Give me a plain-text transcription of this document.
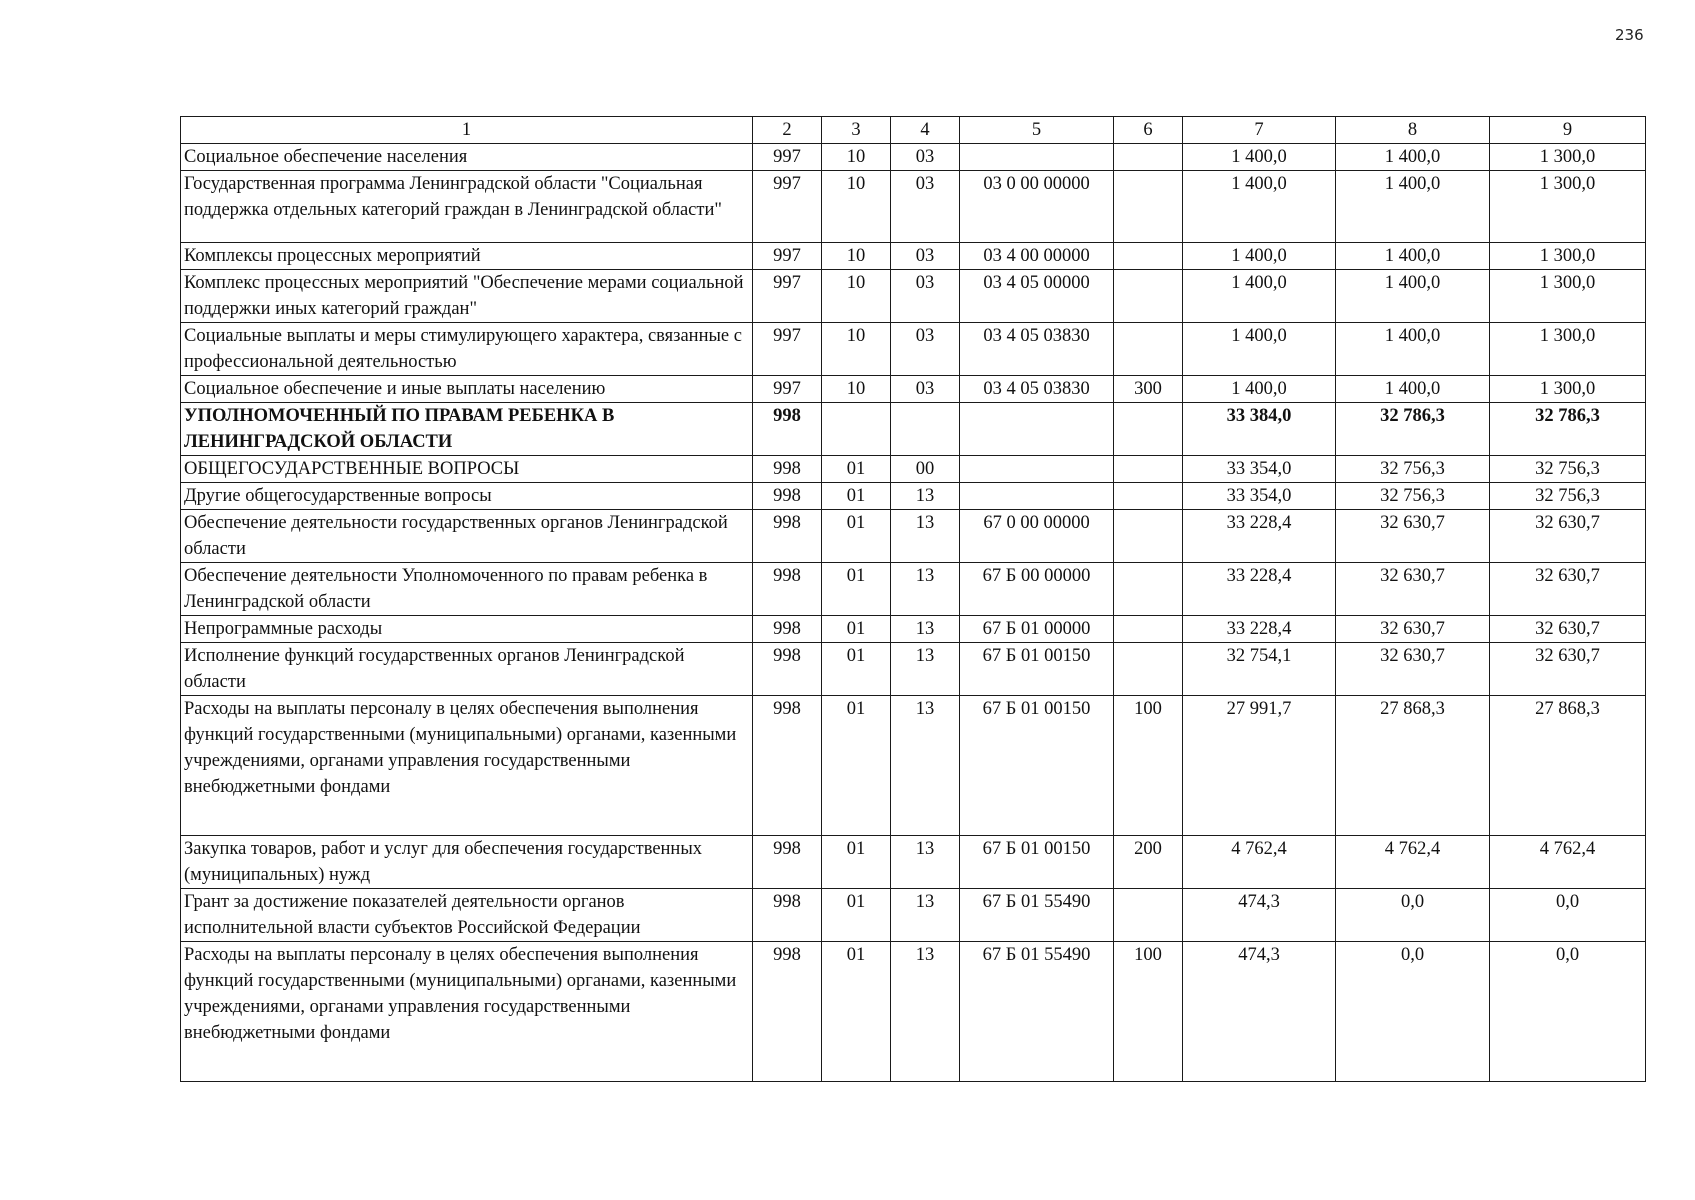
236
1	2	3	4	5	6	7	8	9
Социальное обеспечение населения	997	10	03			1 400,0	1 400,0	1 300,0
Государственная программа Ленинградской области "Социальная поддержка отдельных категорий граждан в Ленинградской области"	997	10	03	03 0 00 00000		1 400,0	1 400,0	1 300,0
Комплексы процессных мероприятий	997	10	03	03 4 00 00000		1 400,0	1 400,0	1 300,0
Комплекс процессных мероприятий "Обеспечение мерами социальной поддержки иных категорий граждан"	997	10	03	03 4 05 00000		1 400,0	1 400,0	1 300,0
Социальные выплаты и меры стимулирующего характера, связанные с профессиональной деятельностью	997	10	03	03 4 05 03830		1 400,0	1 400,0	1 300,0
Социальное обеспечение и иные выплаты населению	997	10	03	03 4 05 03830	300	1 400,0	1 400,0	1 300,0
УПОЛНОМОЧЕННЫЙ ПО ПРАВАМ РЕБЕНКА В ЛЕНИНГРАДСКОЙ ОБЛАСТИ	998					33 384,0	32 786,3	32 786,3
ОБЩЕГОСУДАРСТВЕННЫЕ ВОПРОСЫ	998	01	00			33 354,0	32 756,3	32 756,3
Другие общегосударственные вопросы	998	01	13			33 354,0	32 756,3	32 756,3
Обеспечение деятельности государственных органов Ленинградской области	998	01	13	67 0 00 00000		33 228,4	32 630,7	32 630,7
Обеспечение деятельности Уполномоченного по правам ребенка в Ленинградской области	998	01	13	67 Б 00 00000		33 228,4	32 630,7	32 630,7
Непрограммные расходы	998	01	13	67 Б 01 00000		33 228,4	32 630,7	32 630,7
Исполнение функций государственных органов Ленинградской области	998	01	13	67 Б 01 00150		32 754,1	32 630,7	32 630,7
Расходы на выплаты персоналу в целях обеспечения выполнения функций государственными (муниципальными) органами, казенными учреждениями, органами управления государственными внебюджетными фондами	998	01	13	67 Б 01 00150	100	27 991,7	27 868,3	27 868,3
Закупка товаров, работ и услуг для обеспечения государственных (муниципальных) нужд	998	01	13	67 Б 01 00150	200	4 762,4	4 762,4	4 762,4
Грант за достижение показателей деятельности органов исполнительной власти субъектов Российской Федерации	998	01	13	67 Б 01 55490		474,3	0,0	0,0
Расходы на выплаты персоналу в целях обеспечения выполнения функций государственными (муниципальными) органами, казенными учреждениями, органами управления государственными внебюджетными фондами	998	01	13	67 Б 01 55490	100	474,3	0,0	0,0
